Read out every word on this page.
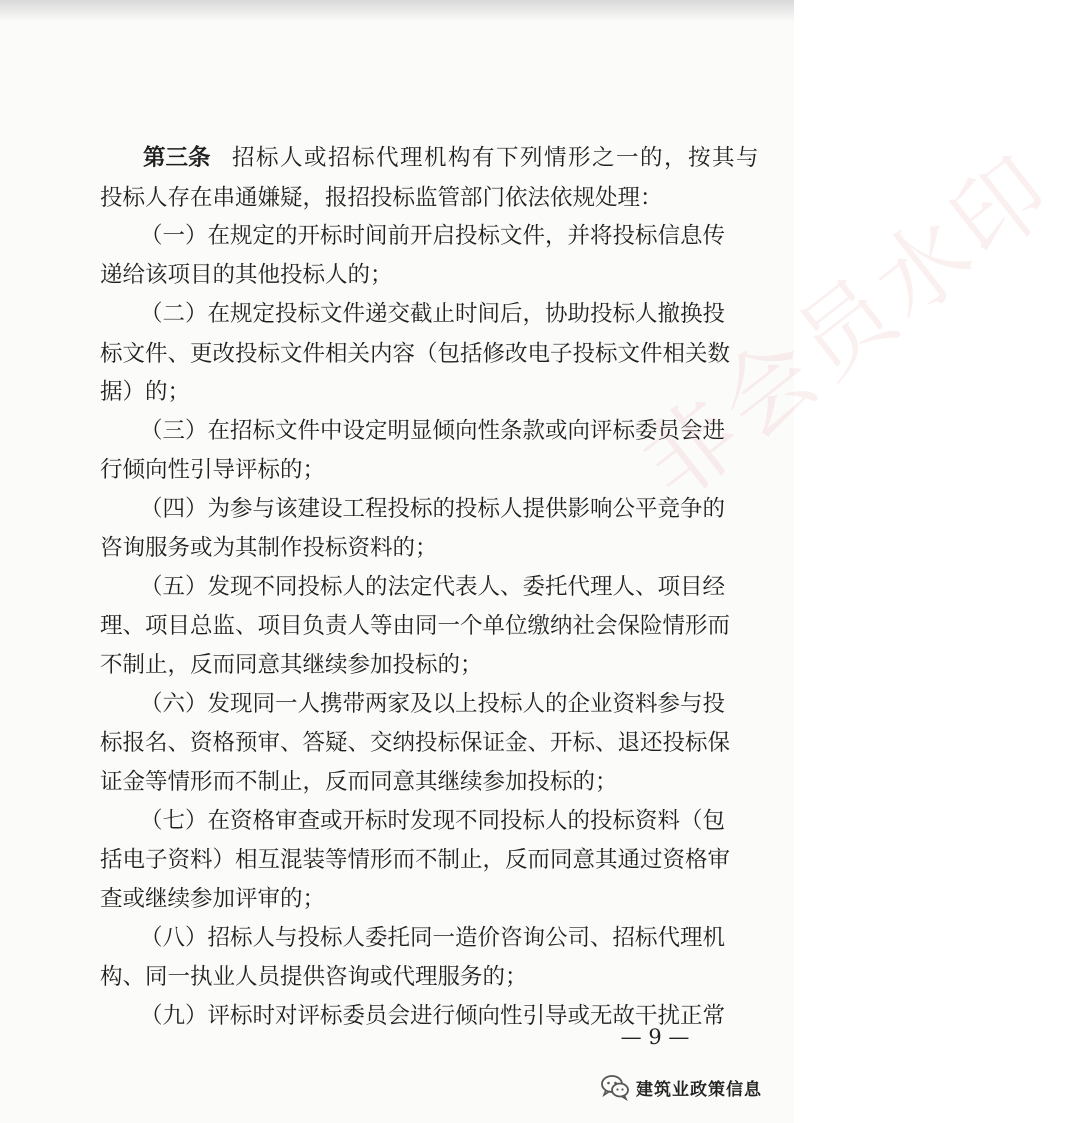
非会员水印
第三条 招标人或招标代理机构有下列情形之一的，按其与
投标人存在串通嫌疑，报招投标监管部门依法依规处理：
（一）在规定的开标时间前开启投标文件，并将投标信息传
递给该项目的其他投标人的；
（二）在规定投标文件递交截止时间后，协助投标人撤换投
标文件、更改投标文件相关内容（包括修改电子投标文件相关数
据）的；
（三）在招标文件中设定明显倾向性条款或向评标委员会进
行倾向性引导评标的；
（四）为参与该建设工程投标的投标人提供影响公平竞争的
咨询服务或为其制作投标资料的；
（五）发现不同投标人的法定代表人、委托代理人、项目经
理、项目总监、项目负责人等由同一个单位缴纳社会保险情形而
不制止，反而同意其继续参加投标的；
（六）发现同一人携带两家及以上投标人的企业资料参与投
标报名、资格预审、答疑、交纳投标保证金、开标、退还投标保
证金等情形而不制止，反而同意其继续参加投标的；
（七）在资格审查或开标时发现不同投标人的投标资料（包
括电子资料）相互混装等情形而不制止，反而同意其通过资格审
查或继续参加评审的；
（八）招标人与投标人委托同一造价咨询公司、招标代理机
构、同一执业人员提供咨询或代理服务的；
（九）评标时对评标委员会进行倾向性引导或无故干扰正常
— 9 —
建筑业政策信息
